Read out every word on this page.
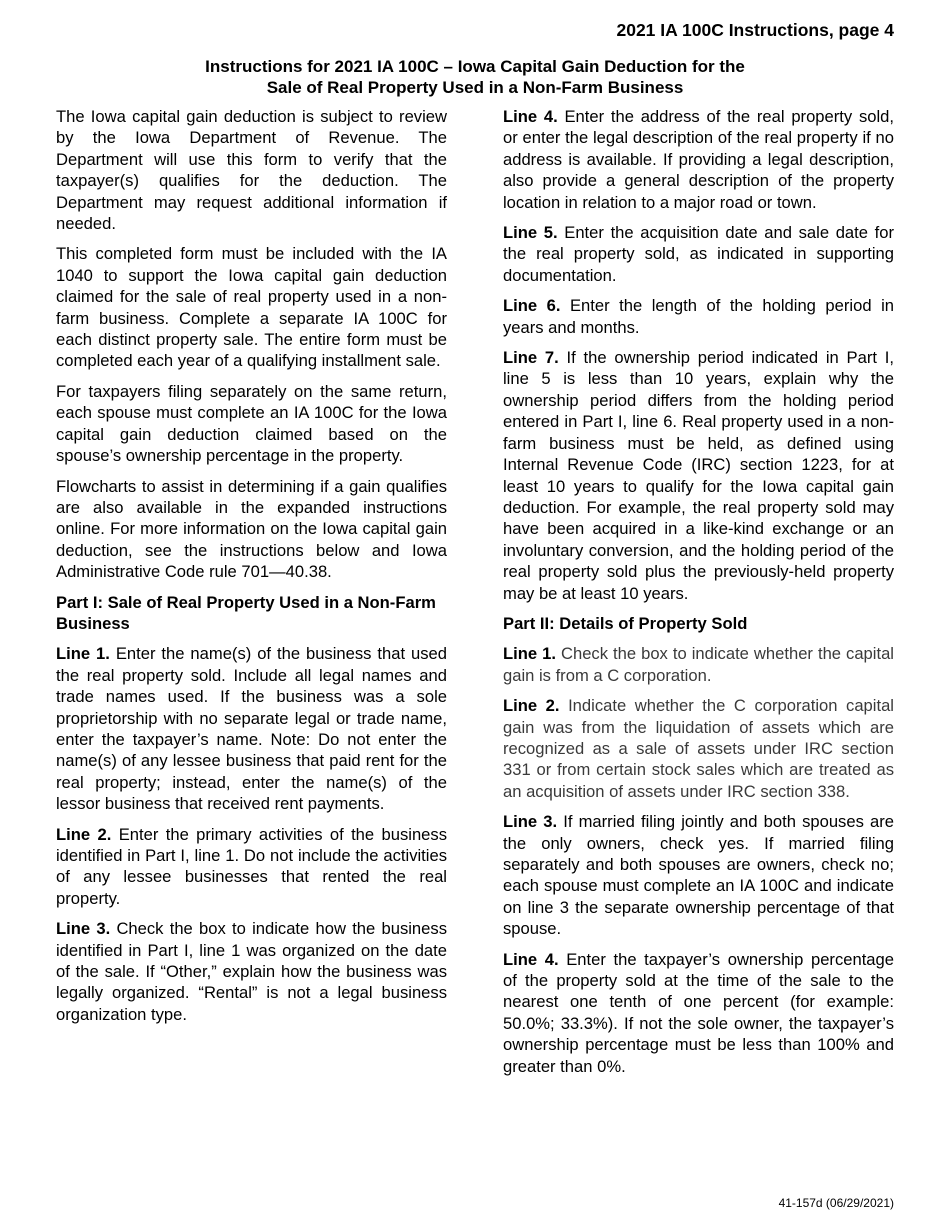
2021 IA 100C Instructions, page 4
Instructions for 2021 IA 100C – Iowa Capital Gain Deduction for the
Sale of Real Property Used in a Non-Farm Business

The Iowa capital gain deduction is subject to review by the Iowa Department of Revenue. The Department will use this form to verify that the taxpayer(s) qualifies for the deduction. The Department may request additional information if needed.

This completed form must be included with the IA 1040 to support the Iowa capital gain deduction claimed for the sale of real property used in a non-farm business. Complete a separate IA 100C for each distinct property sale. The entire form must be completed each year of a qualifying installment sale.

For taxpayers filing separately on the same return, each spouse must complete an IA 100C for the Iowa capital gain deduction claimed based on the spouse’s ownership percentage in the property.

Flowcharts to assist in determining if a gain qualifies are also available in the expanded instructions online. For more information on the Iowa capital gain deduction, see the instructions below and Iowa Administrative Code rule 701—40.38.

Part I: Sale of Real Property Used in a Non-Farm Business

Line 1. Enter the name(s) of the business that used the real property sold. Include all legal names and trade names used. If the business was a sole proprietorship with no separate legal or trade name, enter the taxpayer’s name. Note: Do not enter the name(s) of any lessee business that paid rent for the real property; instead, enter the name(s) of the lessor business that received rent payments.

Line 2. Enter the primary activities of the business identified in Part I, line 1. Do not include the activities of any lessee businesses that rented the real property.

Line 3. Check the box to indicate how the business identified in Part I, line 1 was organized on the date of the sale. If “Other,” explain how the business was legally organized. “Rental” is not a legal business organization type.

Line 4. Enter the address of the real property sold, or enter the legal description of the real property if no address is available. If providing a legal description, also provide a general description of the property location in relation to a major road or town.

Line 5. Enter the acquisition date and sale date for the real property sold, as indicated in supporting documentation.

Line 6. Enter the length of the holding period in years and months.

Line 7. If the ownership period indicated in Part I, line 5 is less than 10 years, explain why the ownership period differs from the holding period entered in Part I, line 6. Real property used in a non-farm business must be held, as defined using Internal Revenue Code (IRC) section 1223, for at least 10 years to qualify for the Iowa capital gain deduction. For example, the real property sold may have been acquired in a like-kind exchange or an involuntary conversion, and the holding period of the real property sold plus the previously-held property may be at least 10 years.

Part II: Details of Property Sold

Line 1. Check the box to indicate whether the capital gain is from a C corporation.

Line 2. Indicate whether the C corporation capital gain was from the liquidation of assets which are recognized as a sale of assets under IRC section 331 or from certain stock sales which are treated as an acquisition of assets under IRC section 338.

Line 3. If married filing jointly and both spouses are the only owners, check yes. If married filing separately and both spouses are owners, check no; each spouse must complete an IA 100C and indicate on line 3 the separate ownership percentage of that spouse.

Line 4. Enter the taxpayer’s ownership percentage of the property sold at the time of the sale to the nearest one tenth of one percent (for example: 50.0%; 33.3%). If not the sole owner, the taxpayer’s ownership percentage must be less than 100% and greater than 0%.

41-157d (06/29/2021)
